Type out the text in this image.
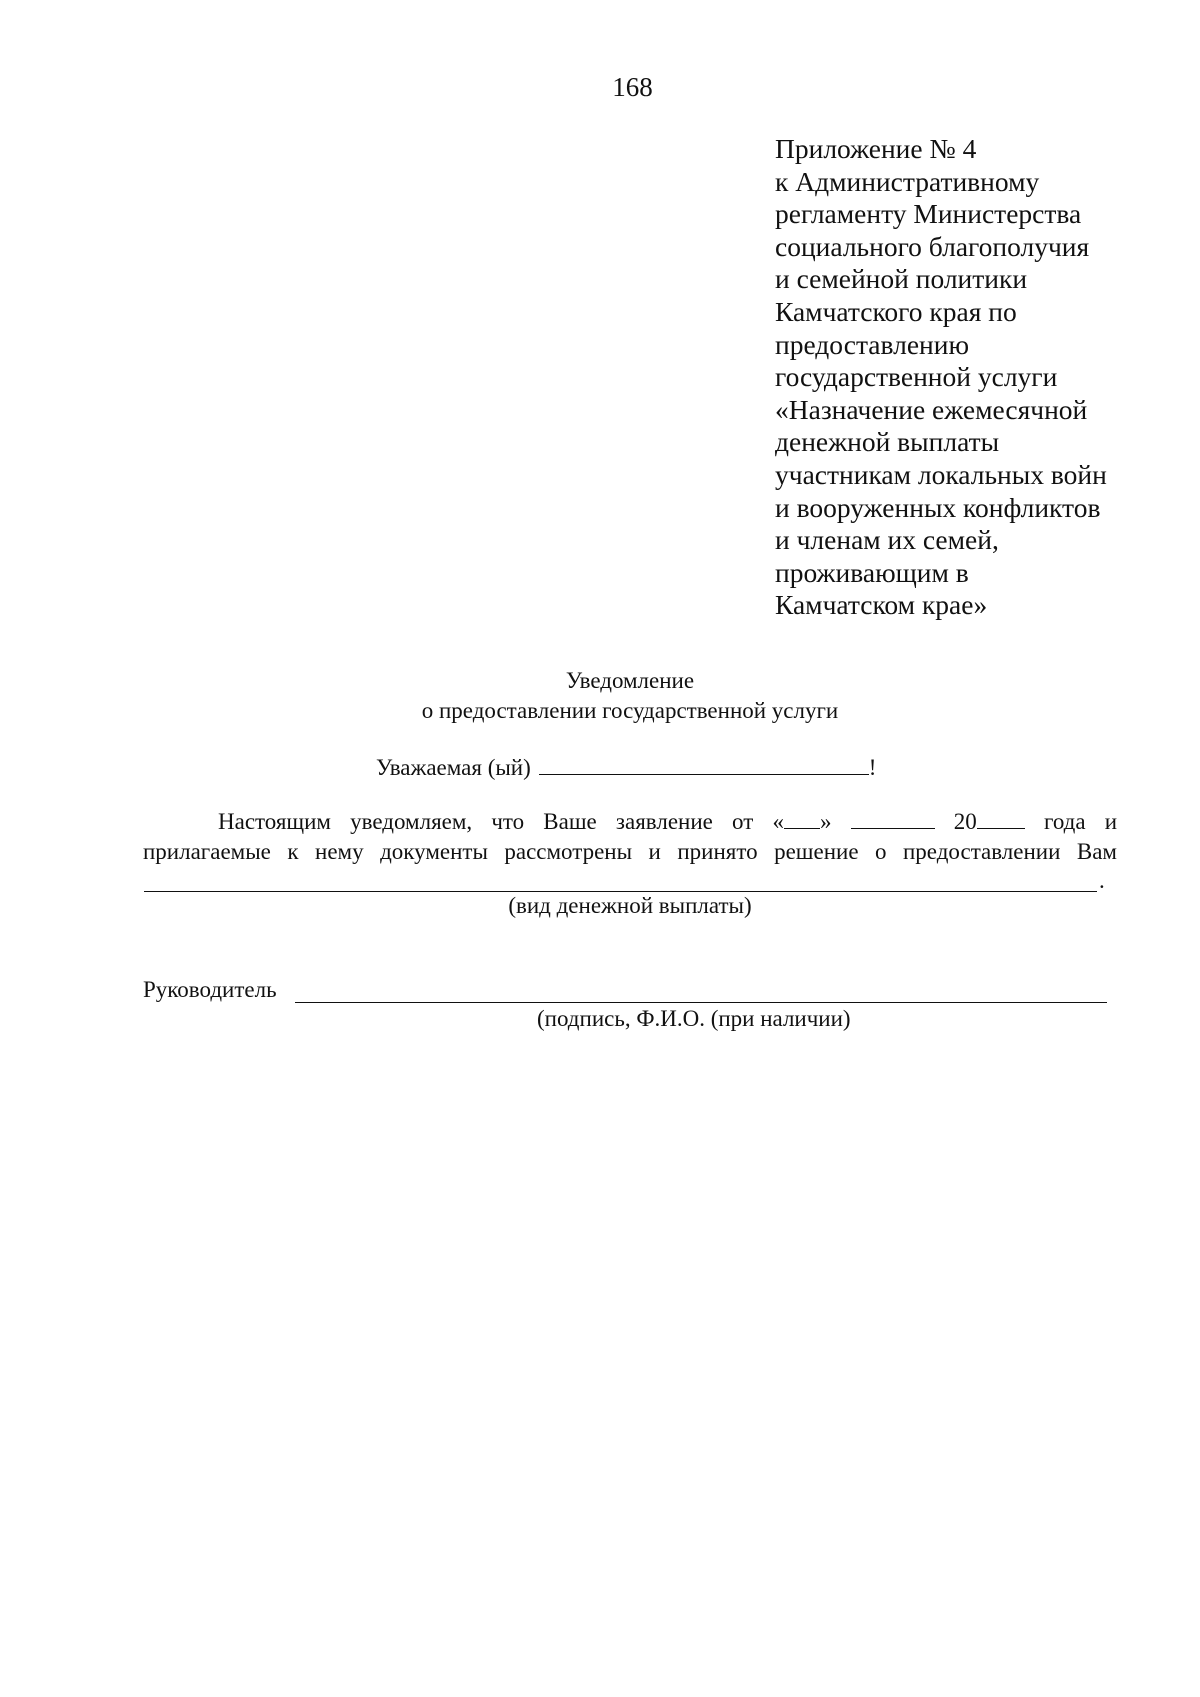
168
Приложение № 4
к Административному
регламенту Министерства
социального благополучия
и семейной политики
Камчатского края по
предоставлению
государственной услуги
«Назначение ежемесячной
денежной выплаты
участникам локальных войн
и вооруженных конфликтов
и членам их семей,
проживающим в
Камчатском крае»
Уведомление
о предоставлении государственной услуги
Уважаемая (ый)	!
Настоящим уведомляем, что Ваше заявление от « »	20	года и
прилагаемые к нему документы рассмотрены и принято решение о предоставлении Вам
.
(вид денежной выплаты)
Руководитель
(подпись, Ф.И.О. (при наличии)
